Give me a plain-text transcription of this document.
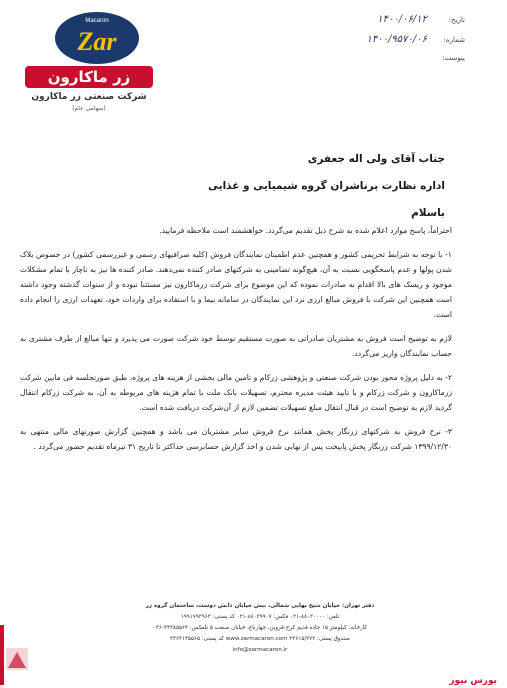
Macaron
Zar
زر ماکارون
شرکت صنعتی زر ماکارون
(سهامی عام)
تاریخ:
۱۴۰۰/۰۶/۱۲
شماره:
۱۴۰۰/۹۵۷۰/۰۶
پیوست:
جناب آقای ولی اله جعفری
اداره نظارت برناشران گروه شیمیایی و غذایی
باسلام

احتراماً، پاسخ موارد اعلام شده به شرح ذیل تقدیم می‌گردد. خواهشمند است ملاحظه فرمایید.

۱- با توجه به شرایط تحریمی کشور و همچنین عدم اطمینان نمایندگان فروش (کلیه صرافیهای رسمی و غیررسمی کشور) در خصوص بلاک شدن پولها و عدم پاسخگویی نسبت به آن، هیچ‌گونه تضامینی به شرکتهای صادر کننده نمی‌دهند. صادر کننده ها نیز به ناچار با تمام مشکلات موجود و ریسک های بالا اقدام به صادرات نموده که این موضوع برای شرکت زرماکارون نیز مستثنا نبوده و از سنوات گذشته وجود داشته است همچنین این شرکت با فروش مبالغ ارزی نزد این نمایندگان در سامانه نیما و با استفاده برای واردات خود، تعهدات ارزی را انجام داده است.

لازم به توضیح است فروش به مشتریان صادراتی به صورت مستقیم توسط خود شرکت صورت می پذیرد و تنها مبالغ از طرف مشتری به حساب نمایندگان واریز می‌گردد.

۲- به دلیل پروژه محور بودن شرکت صنعتی و پژوهشی زرکام و تامین مالی بخشی از هزینه های پروژه، طبق صورتجلسه فی مابین شرکت زرماکارون و شرکت زرکام و با تایید هیئت مدیره محترم، تسهیلات بانک ملت با تمام هزینه های مربوطه به آن، به شرکت زرکام انتقال گردید لازم به توضیح است در قبال انتقال مبلغ تسهیلات تضمین لازم از آن‌شرکت دریافت شده است.

۳- نرخ فروش به شرکتهای زرنگار پخش همانند نرخ فروش سایر مشتریان می باشد و همچنین گزارش صورتهای مالی منتهی به ۱۳۹۹/۱۲/۳۰ شرکت زرنگار پخش پابیخت پس از نهایی شدن و اخذ گزارش حسابرسی حداکثر تا تاریخ ۳۱ تیرماه تقدیم حضور می‌گردد .

دفتر تهران: خیابان شیخ بهایی شمالی، نبش خیابان دانش دوست، ساختمان گروه زر
تلفن: ۸۸۰۳۰۰۰۰-۰۲۱ فکس: ۸۸۰۳۹۹۰۷-۰۲۱ کد پستی: ۱۹۹۱۷۹۳۹۶۳
کارخانه: کیلومتر ۱۵ جاده قدیم کرج-قزوین، چهارباغ، خیابان صنعت ۵ تلفکس: ۴۴۳۸۵۵۶۴-۰۲۶
صندوق پستی: ۲۳۶۱۵/۳۷۳ www.zarmacaron.com کد پستی: ۳۳۶۳۱۴۵۵۶۵
info@zarmacaron.ir
بورس نیوز
